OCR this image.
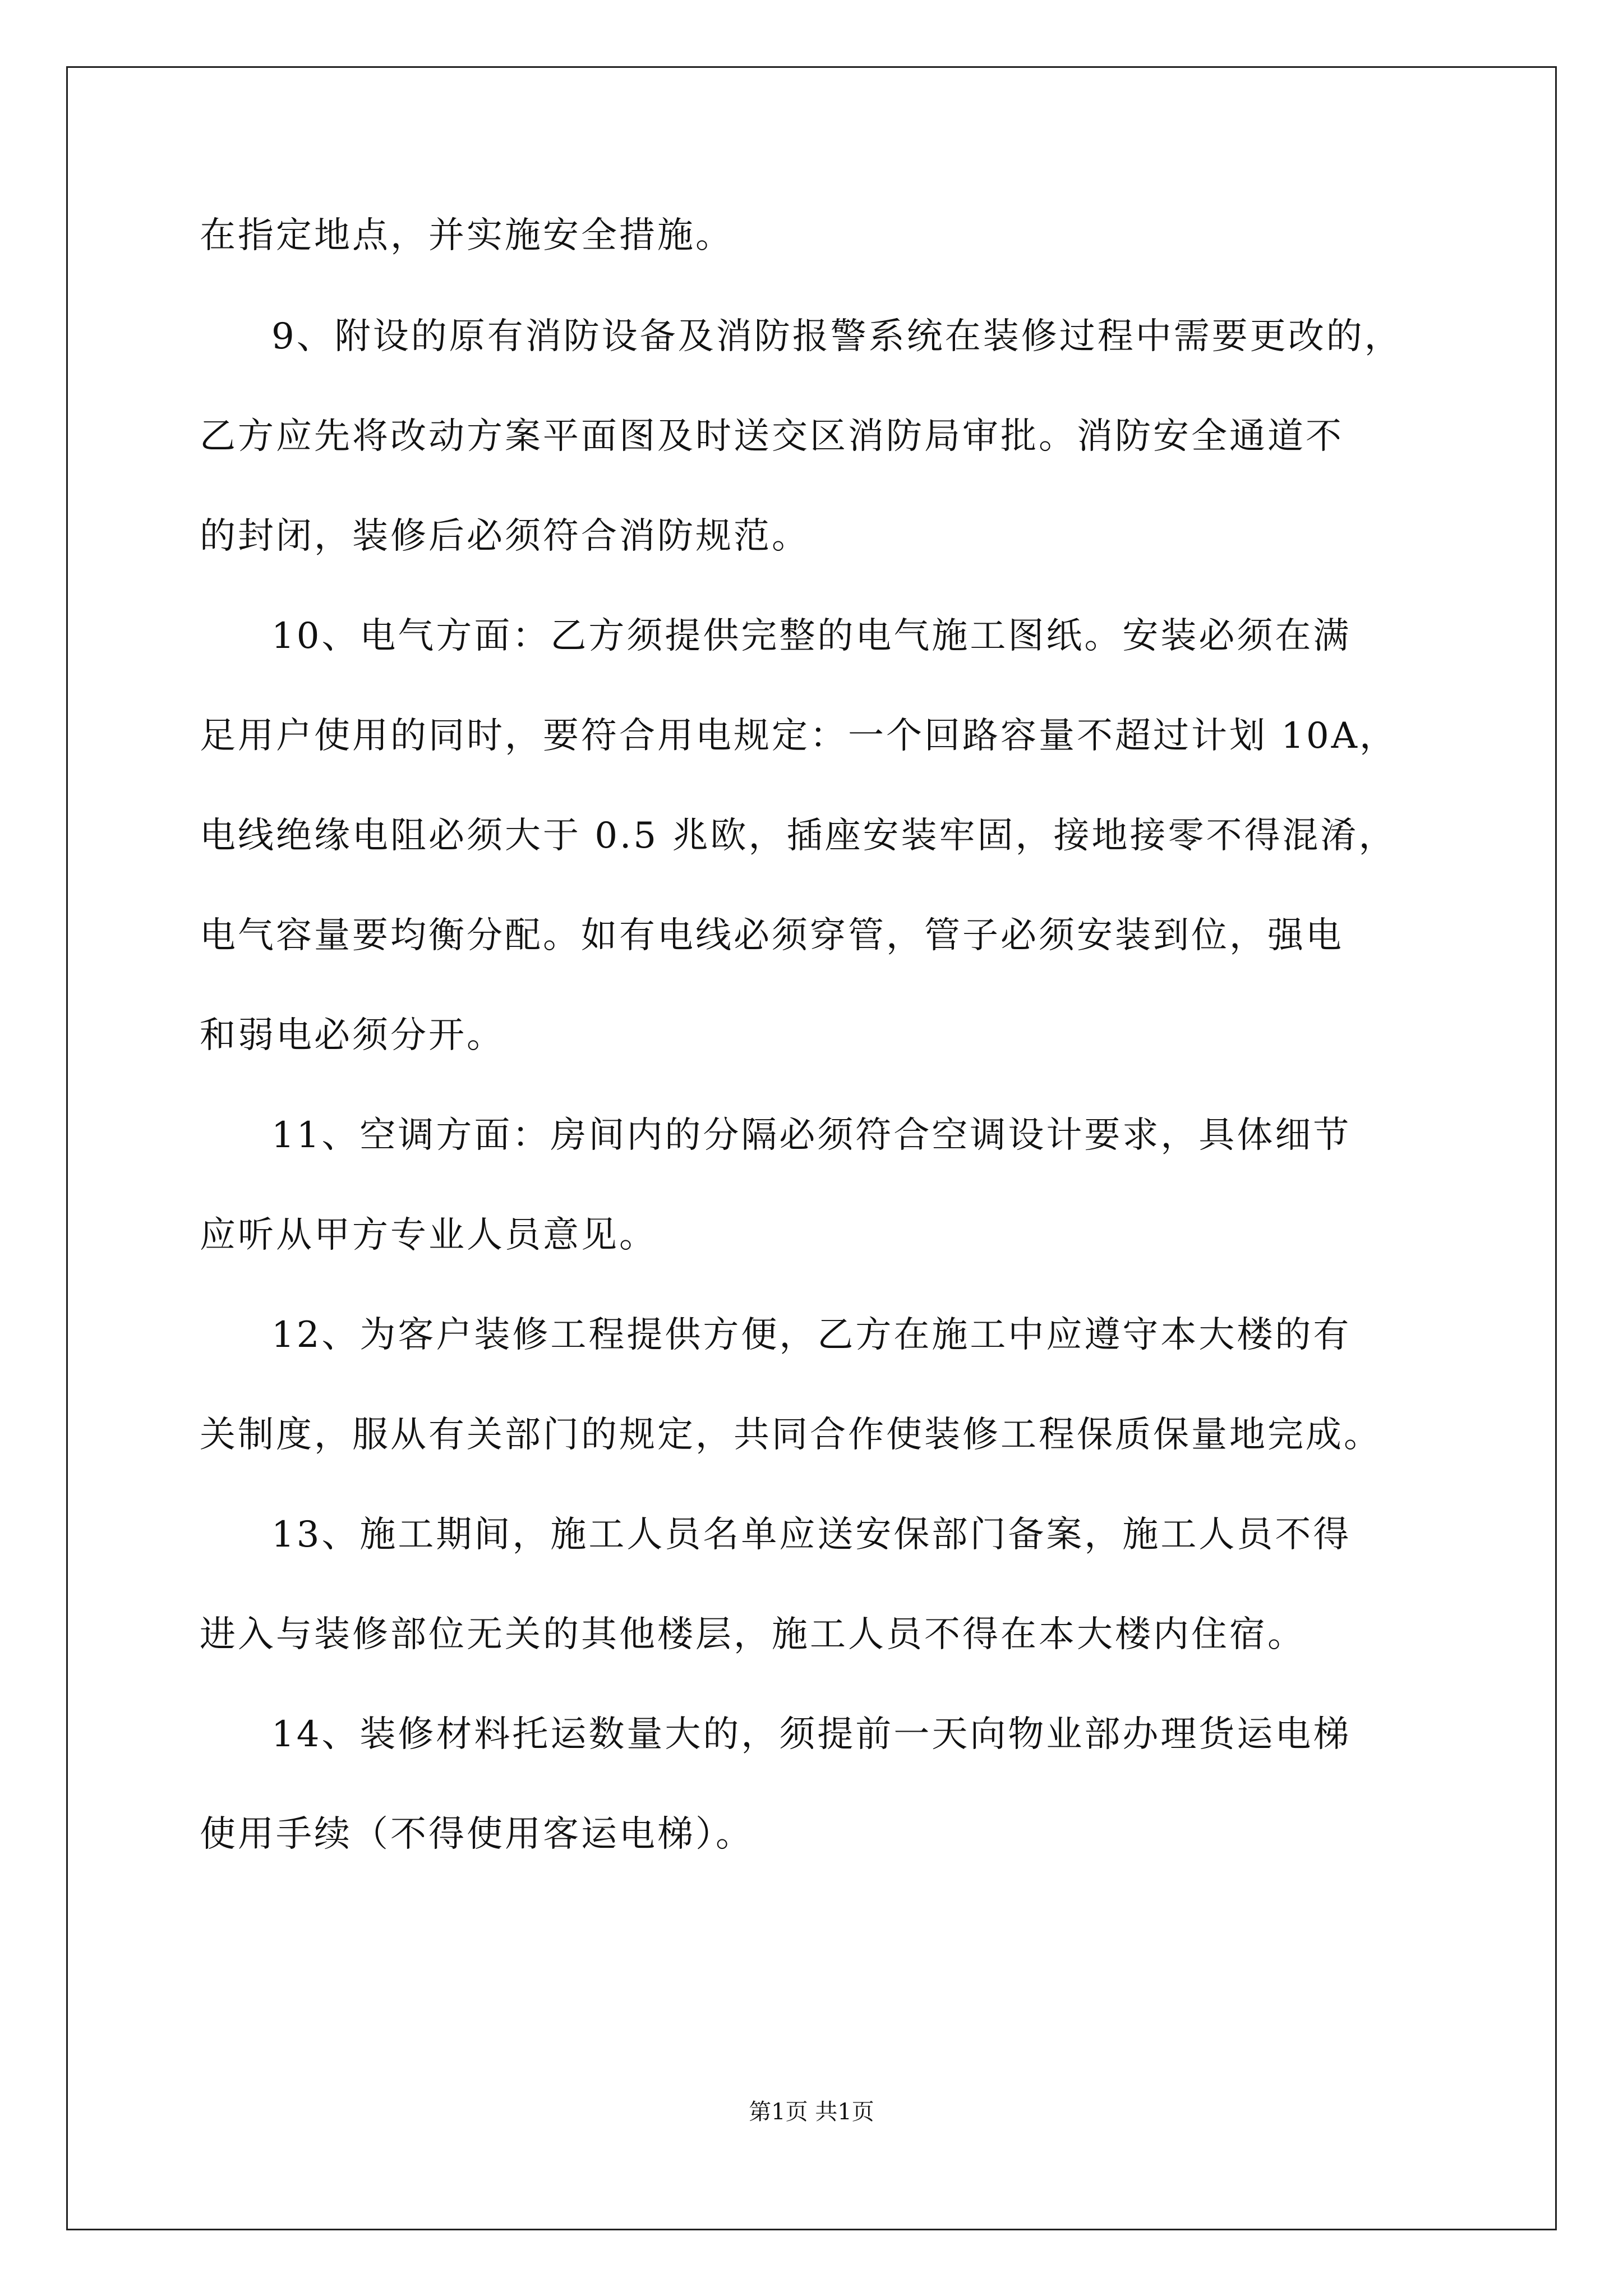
在指定地点，并实施安全措施。
9、附设的原有消防设备及消防报警系统在装修过程中需要更改的，
乙方应先将改动方案平面图及时送交区消防局审批。消防安全通道不
的封闭，装修后必须符合消防规范。
10、电气方面：乙方须提供完整的电气施工图纸。安装必须在满
足用户使用的同时，要符合用电规定：一个回路容量不超过计划 10A，
电线绝缘电阻必须大于 0.5 兆欧，插座安装牢固，接地接零不得混淆，
电气容量要均衡分配。如有电线必须穿管，管子必须安装到位，强电
和弱电必须分开。
11、空调方面：房间内的分隔必须符合空调设计要求，具体细节
应听从甲方专业人员意见。
12、为客户装修工程提供方便，乙方在施工中应遵守本大楼的有
关制度，服从有关部门的规定，共同合作使装修工程保质保量地完成。
13、施工期间，施工人员名单应送安保部门备案，施工人员不得
进入与装修部位无关的其他楼层，施工人员不得在本大楼内住宿。
14、装修材料托运数量大的，须提前一天向物业部办理货运电梯
使用手续（不得使用客运电梯）。
第1页 共1页
